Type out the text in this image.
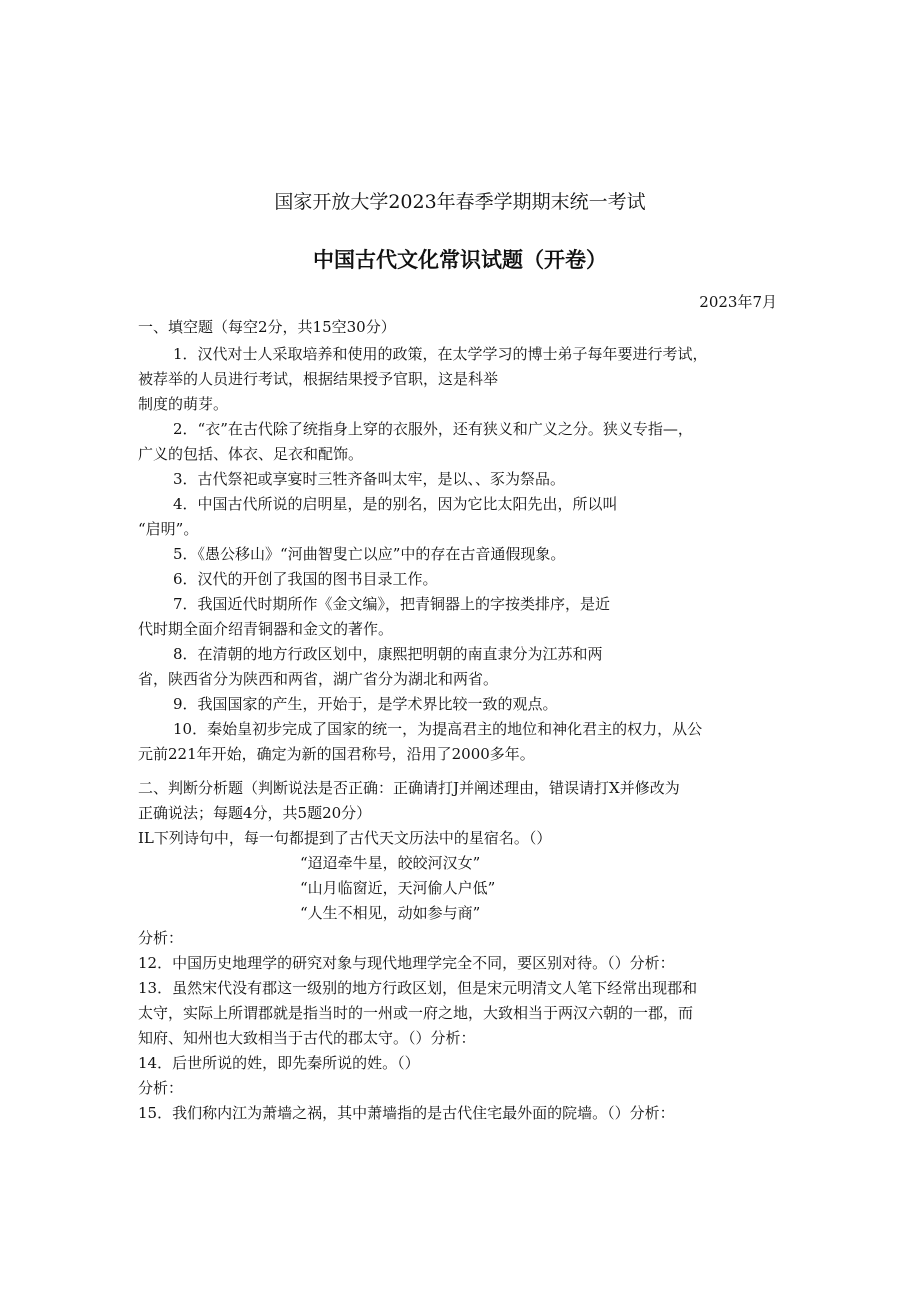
国家开放大学2023年春季学期期末统一考试
中国古代文化常识试题（开卷）
2023年7月
一、填空题（每空2分，共15空30分）
1．汉代对士人采取培养和使用的政策，在太学学习的博士弟子每年要进行考试，
被荐举的人员进行考试，根据结果授予官职，这是科举
制度的萌芽。
2．“衣”在古代除了统指身上穿的衣服外，还有狭义和广义之分。狭义专指—，
广义的包括、体衣、足衣和配饰。
3．古代祭祀或享宴时三牲齐备叫太牢，是以、、豕为祭品。
4．中国古代所说的启明星，是的别名，因为它比太阳先出，所以叫
“启明”。
5．《愚公移山》“河曲智叟亡以应”中的存在古音通假现象。
6．汉代的开创了我国的图书目录工作。
7．我国近代时期所作《金文编》，把青铜器上的字按类排序，是近
代时期全面介绍青铜器和金文的著作。
8．在清朝的地方行政区划中，康熙把明朝的南直隶分为江苏和两
省，陕西省分为陕西和两省，湖广省分为湖北和两省。
9．我国国家的产生，开始于，是学术界比较一致的观点。
10．秦始皇初步完成了国家的统一，为提高君主的地位和神化君主的权力，从公
元前221年开始，确定为新的国君称号，沿用了2000多年。
二、判断分析题（判断说法是否正确：正确请打J并阐述理由，错误请打X并修改为
正确说法；每题4分，共5题20分）
IL下列诗句中，每一句都提到了古代天文历法中的星宿名。（）
“迢迢牵牛星，皎皎河汉女”
“山月临窗近，天河偷人户低”
“人生不相见，动如参与商”
分析：
12．中国历史地理学的研究对象与现代地理学完全不同，要区别对待。（）分析：
13．虽然宋代没有郡这一级别的地方行政区划，但是宋元明清文人笔下经常出现郡和
太守，实际上所谓郡就是指当时的一州或一府之地，大致相当于两汉六朝的一郡，而
知府、知州也大致相当于古代的郡太守。（）分析：
14．后世所说的姓，即先秦所说的姓。（）
分析：
15．我们称内江为萧墙之祸，其中萧墙指的是古代住宅最外面的院墙。（）分析：
